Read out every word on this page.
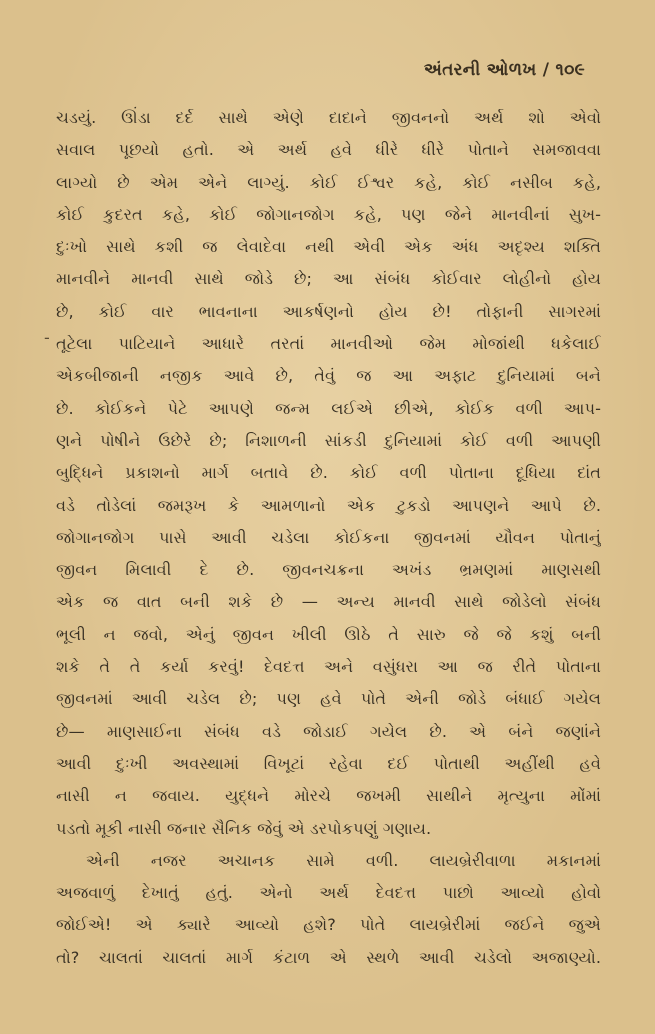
અંતરની ઓળખ / ૧૦૯
-
ચડયું. ઊંડા દર્દ સાથે એણે દાદાને જીવનનો અર્થ શો એવો
સવાલ પૂછયો હતો. એ અર્થ હવે ધીરે ધીરે પોતાને સમજાવવા
લાગ્યો છે એમ એને લાગ્યું. કોઈ ઈશ્વર કહે, કોઈ નસીબ કહે,
કોઈ કુદરત કહે, કોઈ જોગાનજોગ કહે, પણ જેને માનવીનાં સુખ-
દુઃખો સાથે કશી જ લેવાદેવા નથી એવી એક અંધ અદૃશ્ય શક્તિ
માનવીને માનવી સાથે જોડે છે; આ સંબંધ કોઈવાર લોહીનો હોય
છે, કોઈ વાર ભાવનાના આકર્ષણનો હોય છે! તોફાની સાગરમાં
તૂટેલા પાટિયાને આધારે તરતાં માનવીઓ જેમ મોજાંથી ધકેલાઈ
એકબીજાની નજીક આવે છે, તેવું જ આ અફાટ દુનિયામાં બને
છે. કોઈકને પેટે આપણે જન્મ લઈએ છીએ, કોઈક વળી આપ-
ણને પોષીને ઉછેરે છે; નિશાળની સાંકડી દુનિયામાં કોઈ વળી આપણી
બુદ્ધિને પ્રકાશનો માર્ગ બતાવે છે. કોઈ વળી પોતાના દૂધિયા દાંત
વડે તોડેલાં જમરૂખ કે આમળાનો એક ટુકડો આપણને આપે છે.
જોગાનજોગ પાસે આવી ચડેલા કોઈકના જીવનમાં યૌવન પોતાનું
જીવન મિલાવી દે છે. જીવનચક્રના અખંડ ભ્રમણમાં માણસથી
એક જ વાત બની શકે છે — અન્ય માનવી સાથે જોડેલો સંબંધ
ભૂલી ન જવો, એનું જીવન ખીલી ઊઠે તે સારુ જે જે કશું બની
શકે તે તે કર્યા કરવું! દેવદત્ત અને વસુંધરા આ જ રીતે પોતાના
જીવનમાં આવી ચડેલ છે; પણ હવે પોતે એની જોડે બંધાઈ ગયેલ
છે— માણસાઈના સંબંધ વડે જોડાઈ ગયેલ છે. એ બંને જણાંને
આવી દુઃખી અવસ્થામાં વિખૂટાં રહેવા દઈ પોતાથી અહીંથી હવે
નાસી ન જવાય. યુદ્ધને મોરચે જખમી સાથીને મૃત્યુના મોંમાં
પડતો મૂકી નાસી જનાર સૈનિક જેવું એ ડરપોકપણું ગણાય.
એની નજર અચાનક સામે વળી. લાયબ્રેરીવાળા મકાનમાં
અજવાળું દેખાતું હતું. એનો અર્થ દેવદત્ત પાછો આવ્યો હોવો
જોઈએ! એ ક્યારે આવ્યો હશે? પોતે લાયબ્રેરીમાં જઈને જુએ
તો? ચાલતાં ચાલતાં માર્ગ કંટાળ એ સ્થળે આવી ચડેલો અજાણ્યો.
